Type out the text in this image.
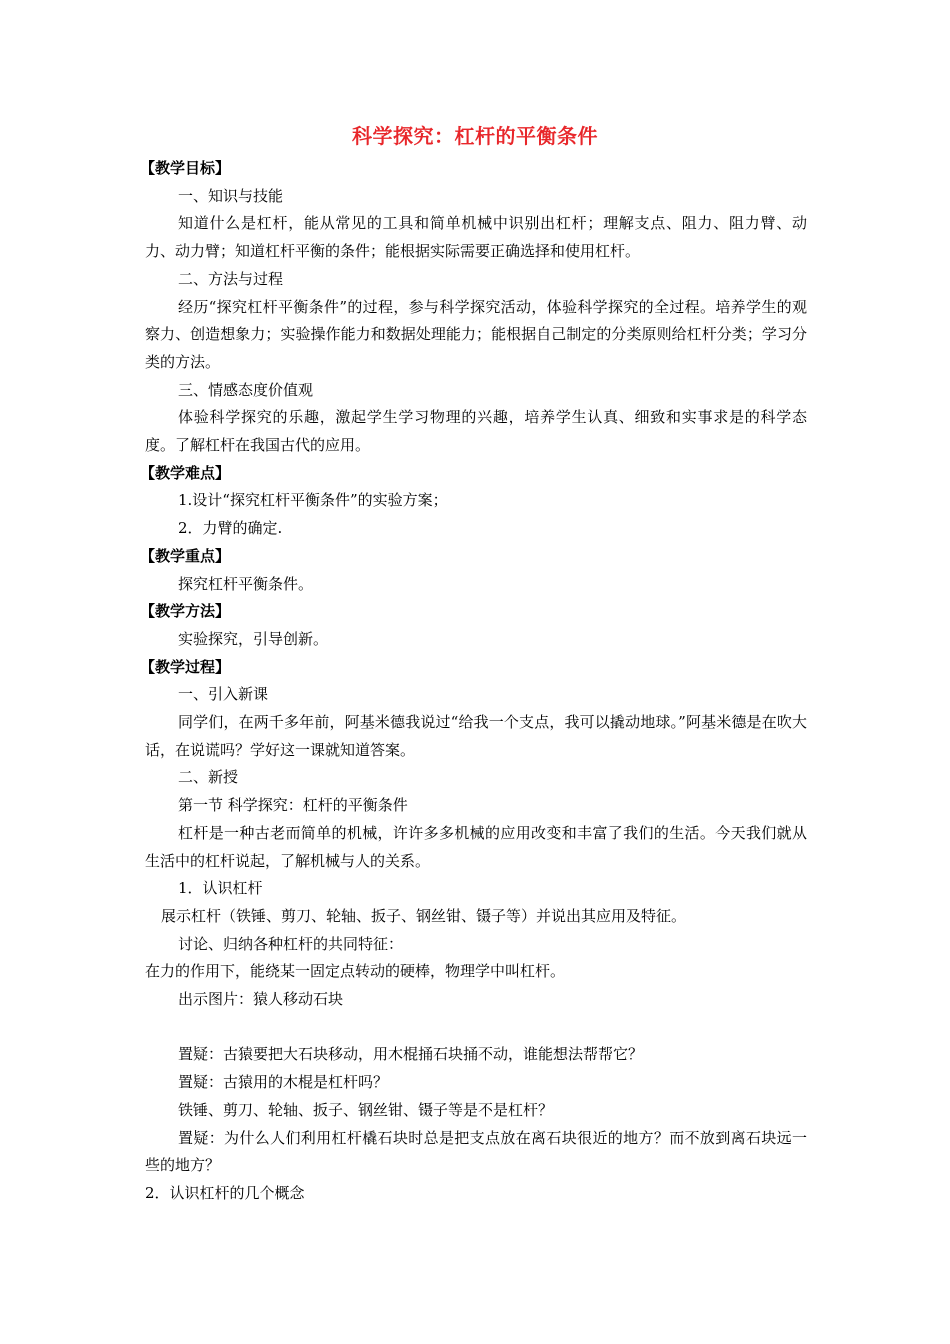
科学探究：杠杆的平衡条件

【教学目标】

一、知识与技能

知道什么是杠杆，能从常见的工具和简单机械中识别出杠杆；理解支点、阻力、阻力臂、动力、动力臂；知道杠杆平衡的条件；能根据实际需要正确选择和使用杠杆。

二、方法与过程

经历“探究杠杆平衡条件”的过程，参与科学探究活动，体验科学探究的全过程。培养学生的观察力、创造想象力；实验操作能力和数据处理能力；能根据自己制定的分类原则给杠杆分类；学习分类的方法。

三、情感态度价值观

体验科学探究的乐趣，激起学生学习物理的兴趣，培养学生认真、细致和实事求是的科学态度。了解杠杆在我国古代的应用。

【教学难点】

1.设计“探究杠杆平衡条件”的实验方案；

2．力臂的确定.

【教学重点】

探究杠杆平衡条件。

【教学方法】

实验探究，引导创新。

【教学过程】

一、引入新课

同学们，在两千多年前，阿基米德我说过“给我一个支点，我可以撬动地球。”阿基米德是在吹大话，在说谎吗？学好这一课就知道答案。

二、新授

第一节 科学探究：杠杆的平衡条件

杠杆是一种古老而简单的机械，许许多多机械的应用改变和丰富了我们的生活。今天我们就从生活中的杠杆说起，了解机械与人的关系。

1．认识杠杆

展示杠杆（铁锤、剪刀、轮轴、扳子、钢丝钳、镊子等）并说出其应用及特征。

讨论、归纳各种杠杆的共同特征：

在力的作用下，能绕某一固定点转动的硬棒，物理学中叫杠杆。

出示图片：猿人移动石块

置疑：古猿要把大石块移动，用木棍捅石块捅不动，谁能想法帮帮它？

置疑：古猿用的木棍是杠杆吗？

铁锤、剪刀、轮轴、扳子、钢丝钳、镊子等是不是杠杆？

置疑：为什么人们利用杠杆橇石块时总是把支点放在离石块很近的地方？而不放到离石块远一些的地方？

2．认识杠杆的几个概念
